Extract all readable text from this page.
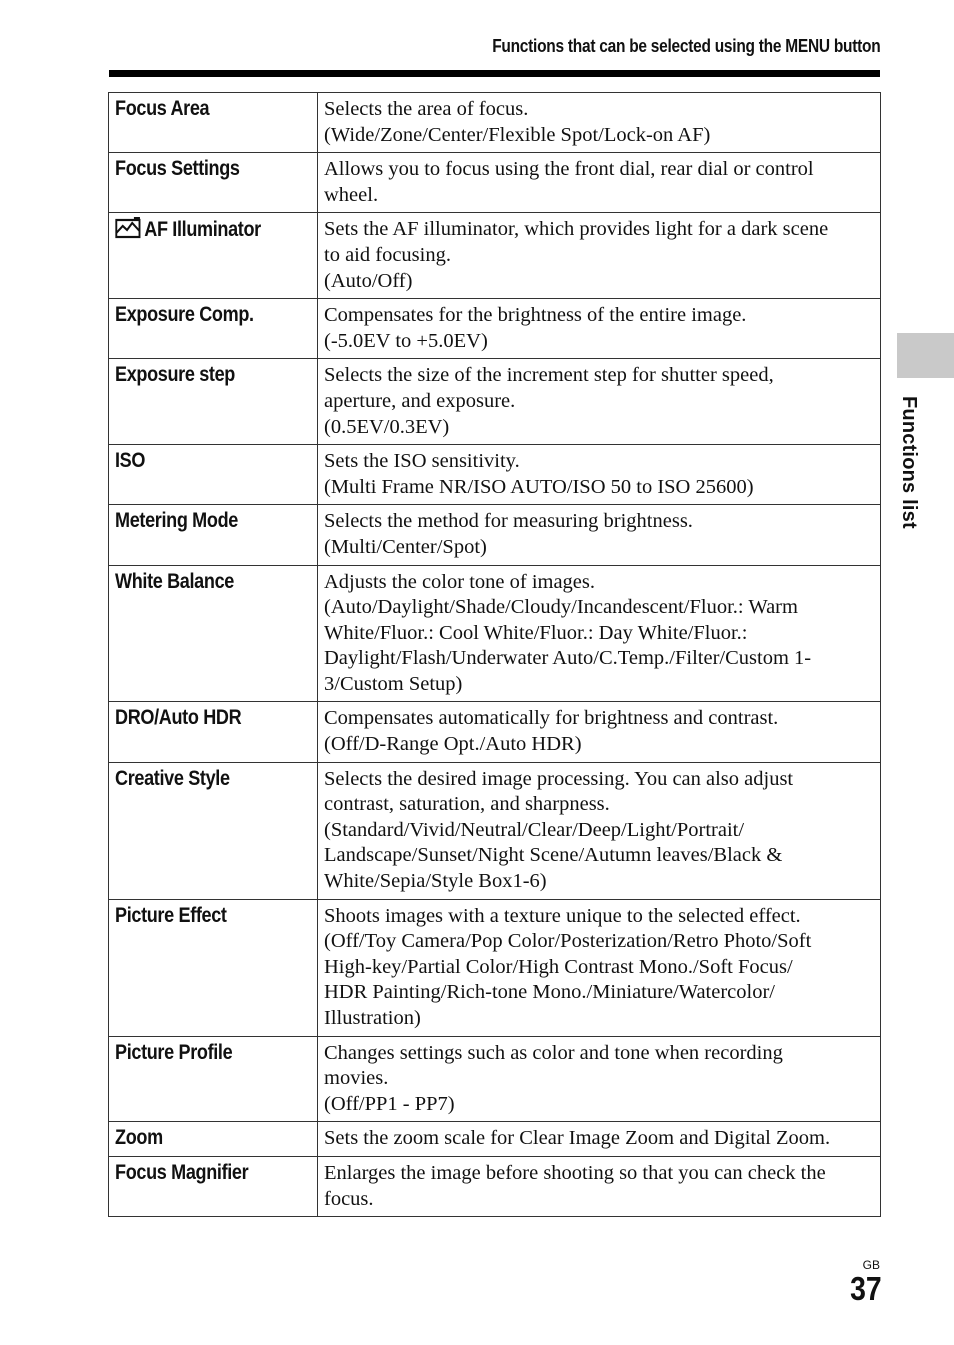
Functions that can be selected using the MENU button
Focus Area	Selects the area of focus.
(Wide/Zone/Center/Flexible Spot/Lock-on AF)

Focus Settings	Allows you to focus using the front dial, rear dial or control
wheel.

AF Illuminator	Sets the AF illuminator, which provides light for a dark scene
to aid focusing.
(Auto/Off)

Exposure Comp.	Compensates for the brightness of the entire image.
(-5.0EV to +5.0EV)

Exposure step	Selects the size of the increment step for shutter speed,
aperture, and exposure.
(0.5EV/0.3EV)

ISO	Sets the ISO sensitivity.
(Multi Frame NR/ISO AUTO/ISO 50 to ISO 25600)

Metering Mode	Selects the method for measuring brightness.
(Multi/Center/Spot)

White Balance	Adjusts the color tone of images.
(Auto/Daylight/Shade/Cloudy/Incandescent/Fluor.: Warm
White/Fluor.: Cool White/Fluor.: Day White/Fluor.:
Daylight/Flash/Underwater Auto/C.Temp./Filter/Custom 1-
3/Custom Setup)

DRO/Auto HDR	Compensates automatically for brightness and contrast.
(Off/D-Range Opt./Auto HDR)

Creative Style	Selects the desired image processing. You can also adjust
contrast, saturation, and sharpness.
(Standard/Vivid/Neutral/Clear/Deep/Light/Portrait/
Landscape/Sunset/Night Scene/Autumn leaves/Black &
White/Sepia/Style Box1-6)

Picture Effect	Shoots images with a texture unique to the selected effect.
(Off/Toy Camera/Pop Color/Posterization/Retro Photo/Soft
High-key/Partial Color/High Contrast Mono./Soft Focus/
HDR Painting/Rich-tone Mono./Miniature/Watercolor/
Illustration)

Picture Profile	Changes settings such as color and tone when recording
movies.
(Off/PP1 - PP7)

Zoom	Sets the zoom scale for Clear Image Zoom and Digital Zoom.

Focus Magnifier	Enlarges the image before shooting so that you can check the
focus.
Functions list
GB
37
